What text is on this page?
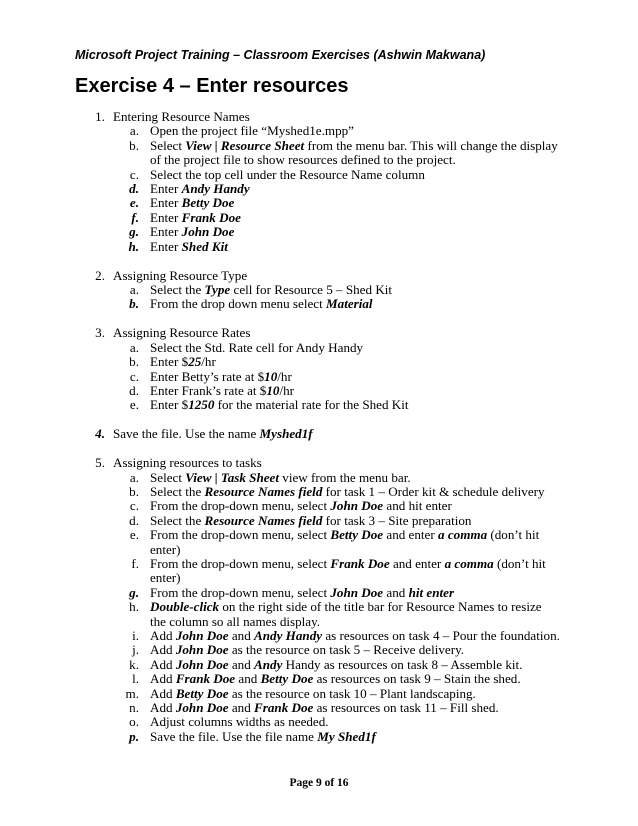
Microsoft Project Training – Classroom Exercises (Ashwin Makwana)
Exercise 4 – Enter resources
1. Entering Resource Names
a. Open the project file “Myshed1e.mpp”
b. Select View | Resource Sheet from the menu bar. This will change the display of the project file to show resources defined to the project.
c. Select the top cell under the Resource Name column
d. Enter Andy Handy
e. Enter Betty Doe
f. Enter Frank Doe
g. Enter John Doe
h. Enter Shed Kit
2. Assigning Resource Type
a. Select the Type cell for Resource 5 – Shed Kit
b. From the drop down menu select Material
3. Assigning Resource Rates
a. Select the Std. Rate cell for Andy Handy
b. Enter $25/hr
c. Enter Betty’s rate at $10/hr
d. Enter Frank’s rate at $10/hr
e. Enter $1250 for the material rate for the Shed Kit
4. Save the file. Use the name Myshed1f
5. Assigning resources to tasks
a. Select View | Task Sheet view from the menu bar.
b. Select the Resource Names field for task 1 – Order kit & schedule delivery
c. From the drop-down menu, select John Doe and hit enter
d. Select the Resource Names field for task 3 – Site preparation
e. From the drop-down menu, select Betty Doe and enter a comma (don’t hit enter)
f. From the drop-down menu, select Frank Doe and enter a comma (don’t hit enter)
g. From the drop-down menu, select John Doe and hit enter
h. Double-click on the right side of the title bar for Resource Names to resize the column so all names display.
i. Add John Doe and Andy Handy as resources on task 4 – Pour the foundation.
j. Add John Doe as the resource on task 5 – Receive delivery.
k. Add John Doe and Andy Handy as resources on task 8 – Assemble kit.
l. Add Frank Doe and Betty Doe as resources on task 9 – Stain the shed.
m. Add Betty Doe as the resource on task 10 – Plant landscaping.
n. Add John Doe and Frank Doe as resources on task 11 – Fill shed.
o. Adjust columns widths as needed.
p. Save the file. Use the file name My Shed1f
Page 9 of 16
